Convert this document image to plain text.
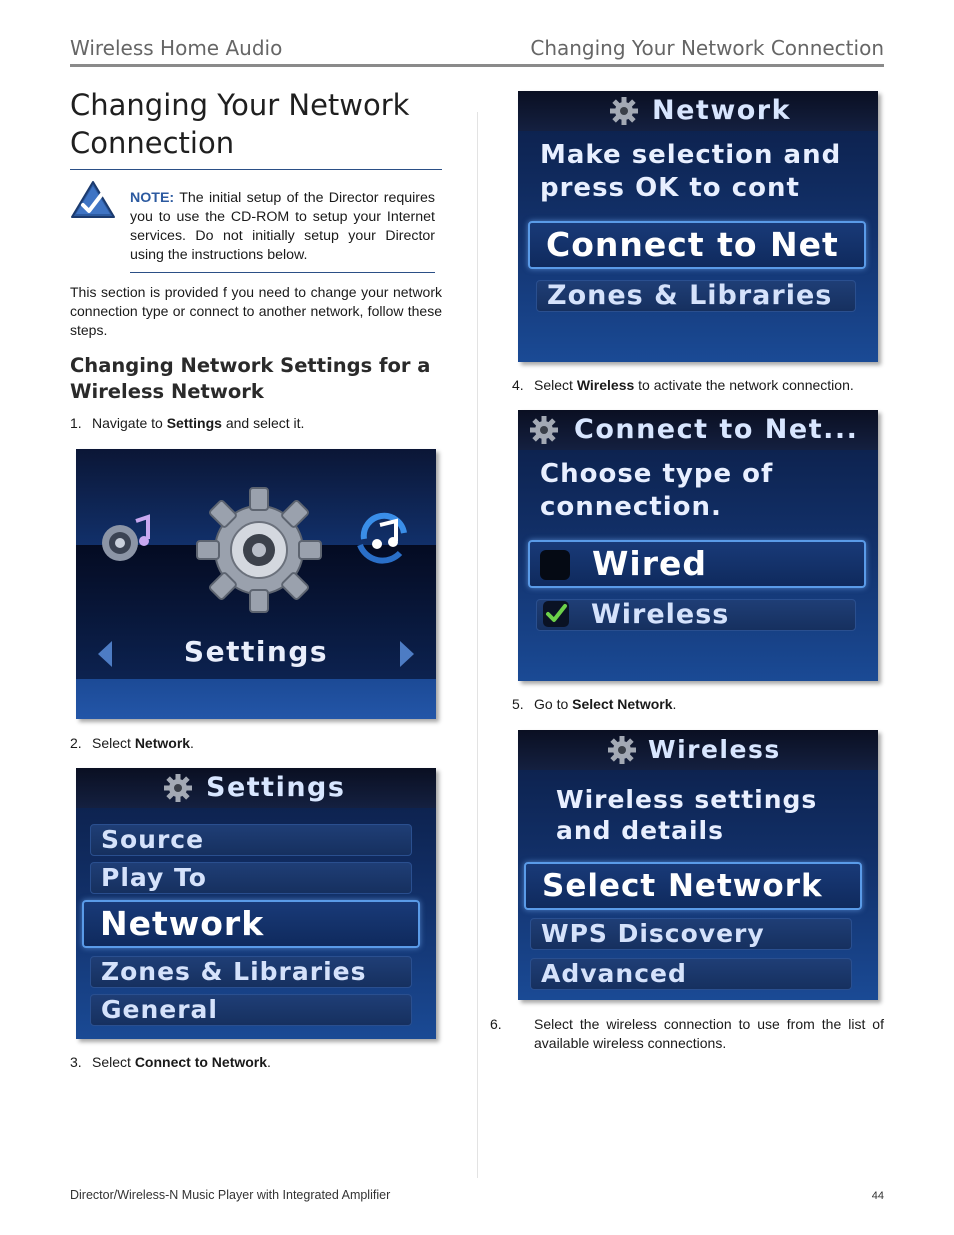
Wireless Home Audio	Changing Your Network Connection
Changing Your Network Connection

NOTE: The initial setup of the Director requires you to use the CD-ROM to setup your Internet services. Do not initially setup your Director using the instructions below.

This section is provided f you need to change your network connection type or connect to another network, follow these steps.

Changing Network Settings for a Wireless Network

1. Navigate to Settings and select it.

Settings

2. Select Network.

Settings
Source
Play To
Network
Zones & Libraries
General

3. Select Connect to Network.

Network
Make selection and
press OK to cont
Connect to Net
Zones & Libraries

4. Select Wireless to activate the network connection.

Connect to Net...
Choose type of
connection.
Wired
Wireless

5. Go to Select Network.

Wireless
Wireless settings
and details
Select Network
WPS Discovery
Advanced

6. Select the wireless connection to use from the list of available wireless connections.

Director/Wireless-N Music Player with Integrated Amplifier	44
